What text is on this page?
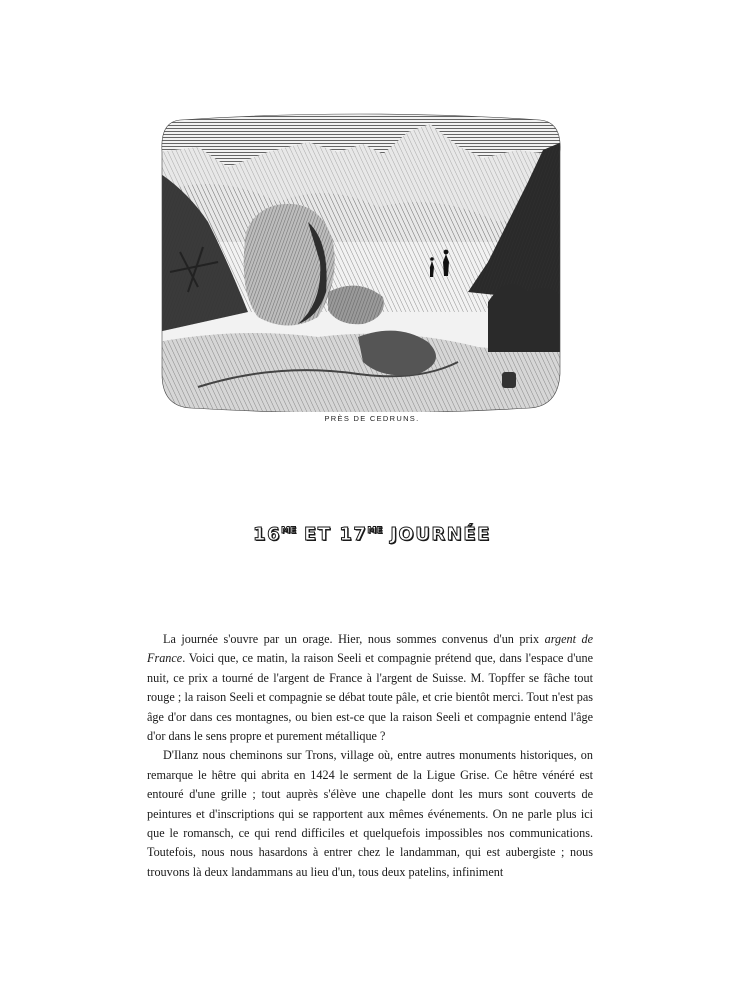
PRÈS DE CEDRUNS.
$16^{ME}$ ET $17^{ME}$ JOURNÉE

La journée s'ouvre par un orage. Hier, nous sommes convenus d'un prix argent de France. Voici que, ce matin, la raison Seeli et compagnie prétend que, dans l'espace d'une nuit, ce prix a tourné de l'argent de France à l'argent de Suisse. M. Topffer se fâche tout rouge ; la raison Seeli et compagnie se débat toute pâle, et crie bientôt merci. Tout n'est pas âge d'or dans ces montagnes, ou bien est-ce que la raison Seeli et compagnie entend l'âge d'or dans le sens propre et purement métallique ?

D'Ilanz nous cheminons sur Trons, village où, entre autres monuments historiques, on remarque le hêtre qui abrita en 1424 le serment de la Ligue Grise. Ce hêtre vénéré est entouré d'une grille ; tout auprès s'élève une chapelle dont les murs sont couverts de peintures et d'inscriptions qui se rapportent aux mêmes événements. On ne parle plus ici que le romansch, ce qui rend difficiles et quelquefois impossibles nos communications. Toutefois, nous nous hasardons à entrer chez le landamman, qui est aubergiste ; nous trouvons là deux landammans au lieu d'un, tous deux patelins, infiniment
